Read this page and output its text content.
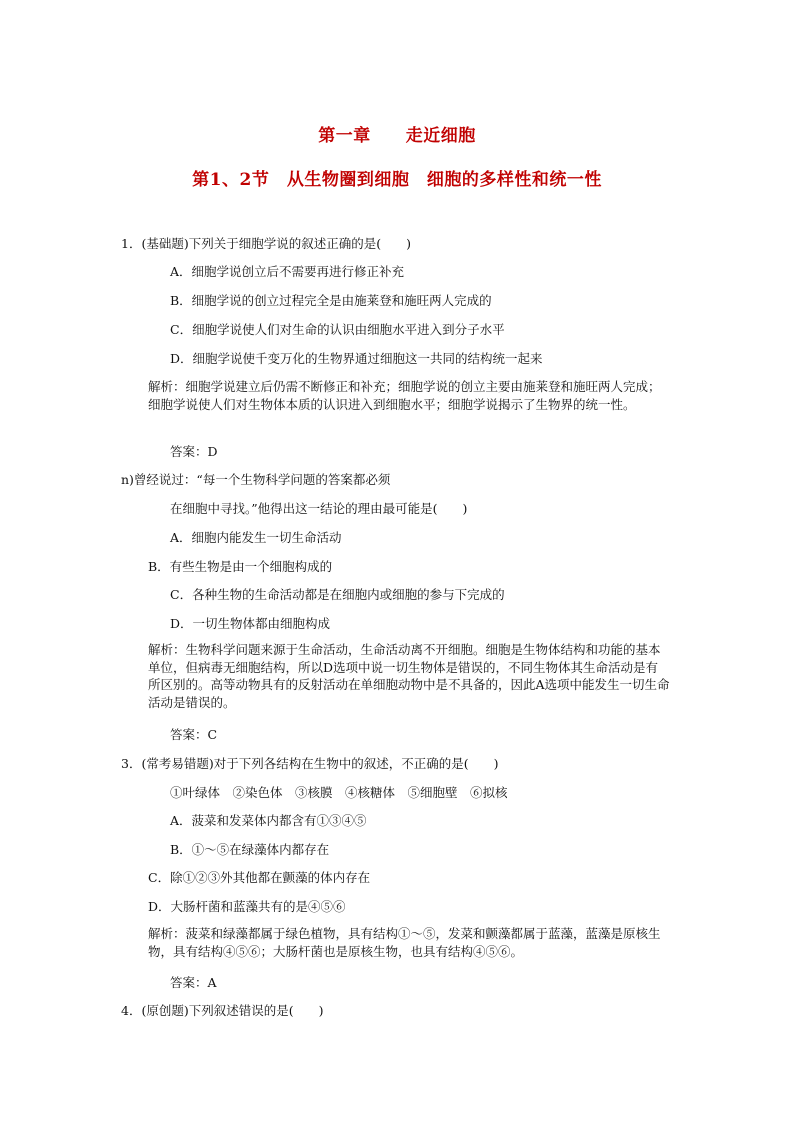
第一章　　走近细胞
第1、2节　从生物圈到细胞　细胞的多样性和统一性
1．(基础题)下列关于细胞学说的叙述正确的是(　　)
A．细胞学说创立后不需要再进行修正补充
B．细胞学说的创立过程完全是由施莱登和施旺两人完成的
C．细胞学说使人们对生命的认识由细胞水平进入到分子水平
D．细胞学说使千变万化的生物界通过细胞这一共同的结构统一起来
解析：细胞学说建立后仍需不断修正和补充；细胞学说的创立主要由施莱登和施旺两人完成；细胞学说使人们对生物体本质的认识进入到细胞水平；细胞学说揭示了生物界的统一性。
答案：D
n)曾经说过：“每一个生物科学问题的答案都必须
在细胞中寻找。”他得出这一结论的理由最可能是(　　)
A．细胞内能发生一切生命活动
B．有些生物是由一个细胞构成的
C．各种生物的生命活动都是在细胞内或细胞的参与下完成的
D．一切生物体都由细胞构成
解析：生物科学问题来源于生命活动，生命活动离不开细胞。细胞是生物体结构和功能的基本单位，但病毒无细胞结构，所以D选项中说一切生物体是错误的，不同生物体其生命活动是有所区别的。高等动物具有的反射活动在单细胞动物中是不具备的，因此A选项中能发生一切生命活动是错误的。
答案：C
3．(常考易错题)对于下列各结构在生物中的叙述，不正确的是(　　)
①叶绿体　②染色体　③核膜　④核糖体　⑤细胞壁　⑥拟核
A．菠菜和发菜体内都含有①③④⑤
B．①～⑤在绿藻体内都存在
C．除①②③外其他都在颤藻的体内存在
D．大肠杆菌和蓝藻共有的是④⑤⑥
解析：菠菜和绿藻都属于绿色植物，具有结构①～⑤，发菜和颤藻都属于蓝藻，蓝藻是原核生物，具有结构④⑤⑥；大肠杆菌也是原核生物，也具有结构④⑤⑥。
答案：A
4．(原创题)下列叙述错误的是(　　)
